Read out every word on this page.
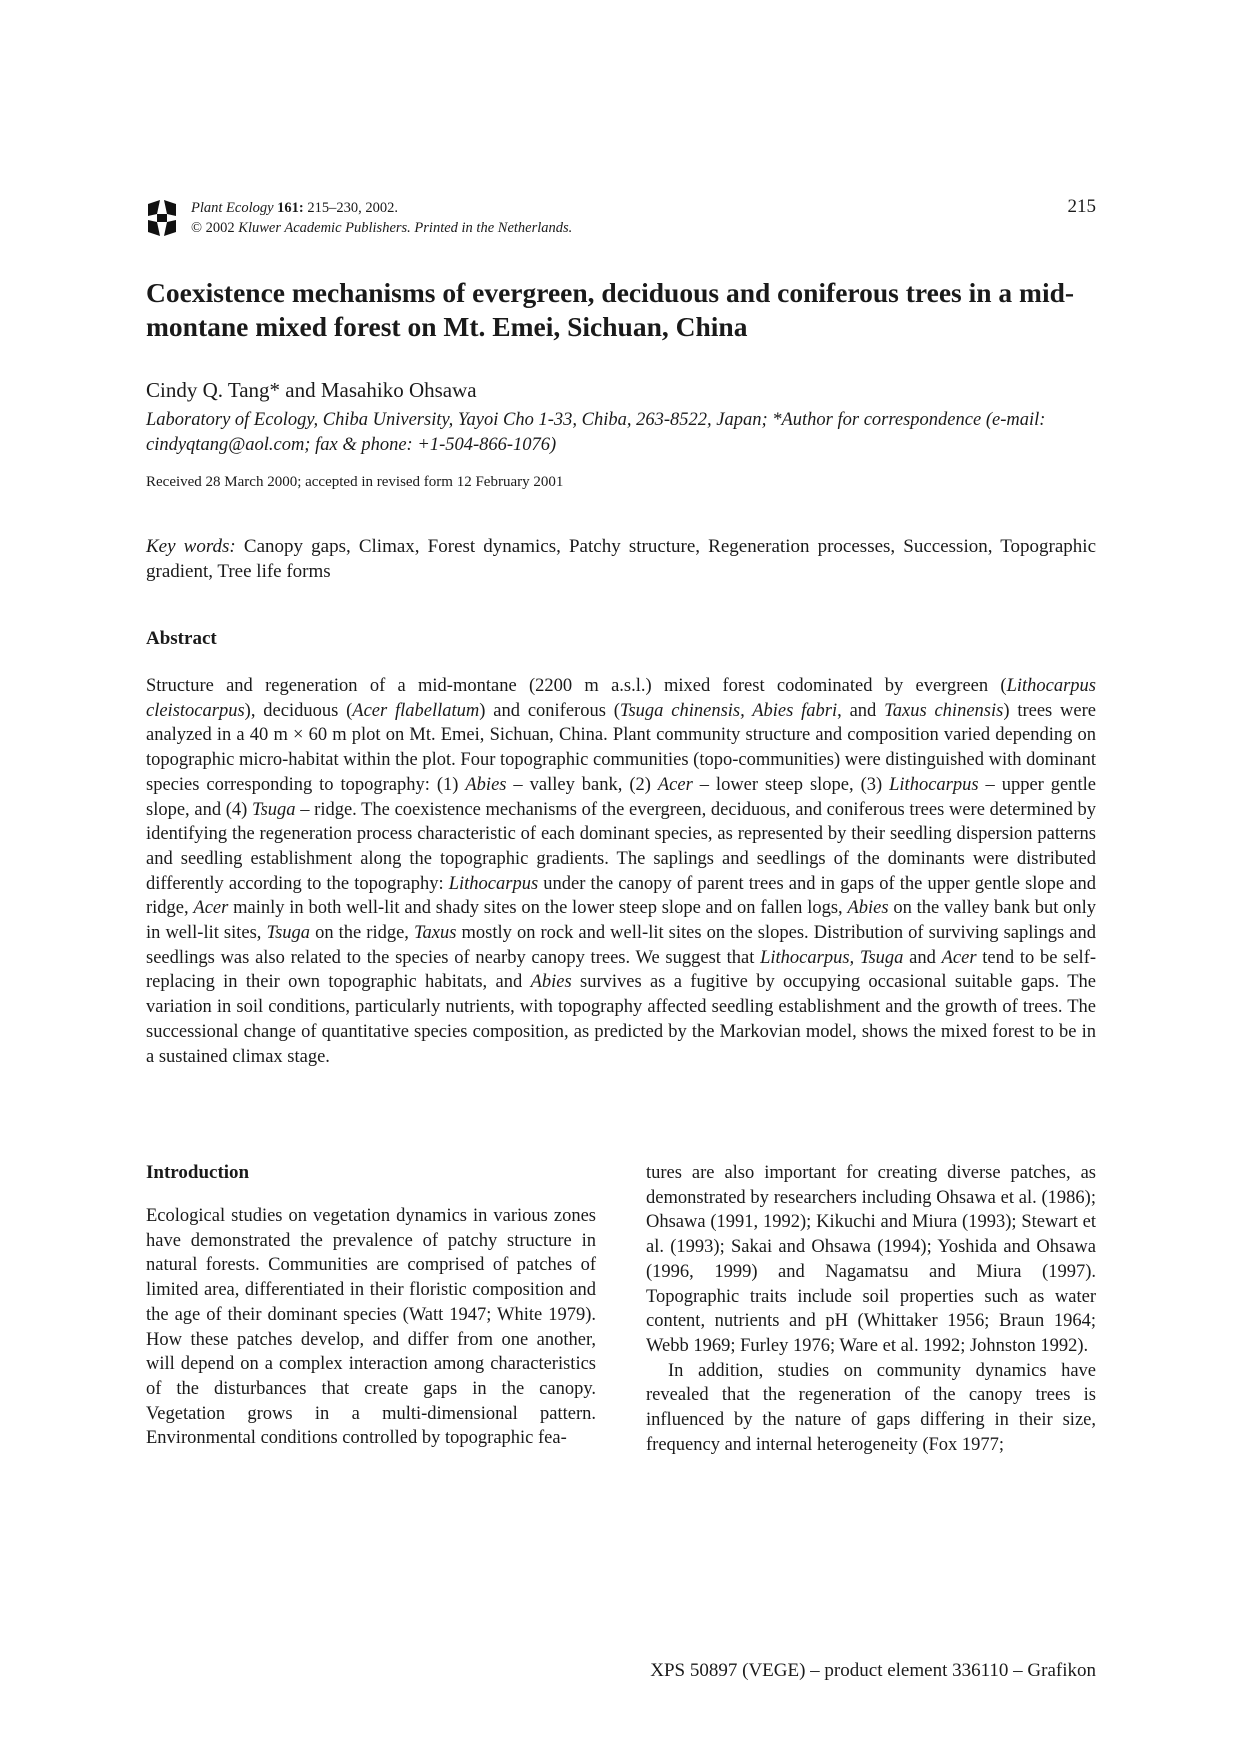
Plant Ecology 161: 215–230, 2002.
© 2002 Kluwer Academic Publishers. Printed in the Netherlands.
215
Coexistence mechanisms of evergreen, deciduous and coniferous trees in a mid-montane mixed forest on Mt. Emei, Sichuan, China
Cindy Q. Tang* and Masahiko Ohsawa
Laboratory of Ecology, Chiba University, Yayoi Cho 1-33, Chiba, 263-8522, Japan; *Author for correspondence (e-mail: cindyqtang@aol.com; fax & phone: +1-504-866-1076)
Received 28 March 2000; accepted in revised form 12 February 2001
Key words: Canopy gaps, Climax, Forest dynamics, Patchy structure, Regeneration processes, Succession, Topographic gradient, Tree life forms
Abstract

Structure and regeneration of a mid-montane (2200 m a.s.l.) mixed forest codominated by evergreen (Lithocarpus cleistocarpus), deciduous (Acer flabellatum) and coniferous (Tsuga chinensis, Abies fabri, and Taxus chinensis) trees were analyzed in a 40 m × 60 m plot on Mt. Emei, Sichuan, China. Plant community structure and composition varied depending on topographic micro-habitat within the plot. Four topographic communities (topo-communities) were distinguished with dominant species corresponding to topography: (1) Abies – valley bank, (2) Acer – lower steep slope, (3) Lithocarpus – upper gentle slope, and (4) Tsuga – ridge. The coexistence mechanisms of the evergreen, deciduous, and coniferous trees were determined by identifying the regeneration process characteristic of each dominant species, as represented by their seedling dispersion patterns and seedling establishment along the topographic gradients. The saplings and seedlings of the dominants were distributed differently according to the topography: Lithocarpus under the canopy of parent trees and in gaps of the upper gentle slope and ridge, Acer mainly in both well-lit and shady sites on the lower steep slope and on fallen logs, Abies on the valley bank but only in well-lit sites, Tsuga on the ridge, Taxus mostly on rock and well-lit sites on the slopes. Distribution of surviving saplings and seedlings was also related to the species of nearby canopy trees. We suggest that Lithocarpus, Tsuga and Acer tend to be self-replacing in their own topographic habitats, and Abies survives as a fugitive by occupying occasional suitable gaps. The variation in soil conditions, particularly nutrients, with topography affected seedling establishment and the growth of trees. The successional change of quantitative species composition, as predicted by the Markovian model, shows the mixed forest to be in a sustained climax stage.

Introduction

Ecological studies on vegetation dynamics in various zones have demonstrated the prevalence of patchy structure in natural forests. Communities are comprised of patches of limited area, differentiated in their floristic composition and the age of their dominant species (Watt 1947; White 1979). How these patches develop, and differ from one another, will depend on a complex interaction among characteristics of the disturbances that create gaps in the canopy. Vegetation grows in a multi-dimensional pattern. Environmental conditions controlled by topographic fea-

tures are also important for creating diverse patches, as demonstrated by researchers including Ohsawa et al. (1986); Ohsawa (1991, 1992); Kikuchi and Miura (1993); Stewart et al. (1993); Sakai and Ohsawa (1994); Yoshida and Ohsawa (1996, 1999) and Nagamatsu and Miura (1997). Topographic traits include soil properties such as water content, nutrients and pH (Whittaker 1956; Braun 1964; Webb 1969; Furley 1976; Ware et al. 1992; Johnston 1992).

In addition, studies on community dynamics have revealed that the regeneration of the canopy trees is influenced by the nature of gaps differing in their size, frequency and internal heterogeneity (Fox 1977;

XPS 50897 (VEGE) – product element 336110 – Grafikon
